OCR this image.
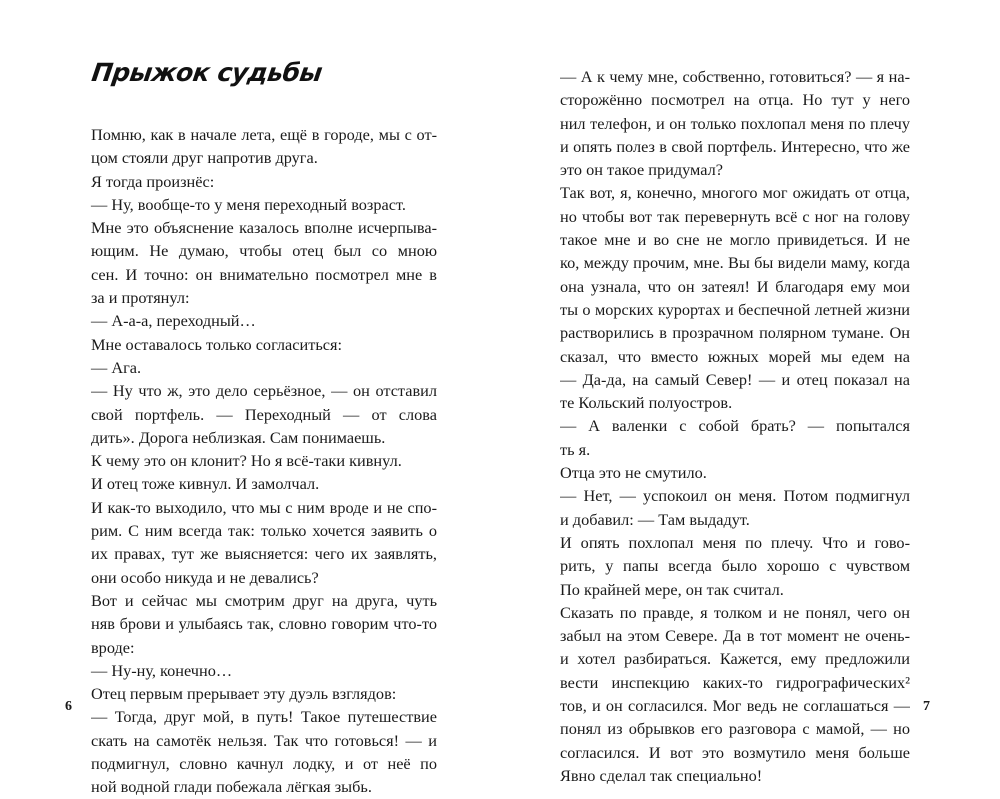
Прыжок судьбы
Помню, как в начале лета, ещё в городе, мы с от-
цом стояли друг напротив друга.
Я тогда произнёс:
— Ну, вообще-то у меня переходный возраст.
Мне это объяснение казалось вполне исчерпыва-
ющим. Не думаю, чтобы отец был со мною
сен. И точно: он внимательно посмотрел мне в
за и протянул:
— А-а-а, переходный…
Мне оставалось только согласиться:
— Ага.
— Ну что ж, это дело серьёзное, — он отставил
свой портфель. — Переходный — от слова
дить». Дорога неблизкая. Сам понимаешь.
К чему это он клонит? Но я всё-таки кивнул.
И отец тоже кивнул. И замолчал.
И как-то выходило, что мы с ним вроде и не спо-
рим. С ним всегда так: только хочется заявить о
их правах, тут же выясняется: чего их заявлять,
они особо никуда и не девались?
Вот и сейчас мы смотрим друг на друга, чуть
няв брови и улыбаясь так, словно говорим что-то
вроде:
— Ну-ну, конечно…
Отец первым прерывает эту дуэль взглядов:
— Тогда, друг мой, в путь! Такое путешествие
скать на самотёк нельзя. Так что готовься! — и
подмигнул, словно качнул лодку, и от неё по
ной водной глади побежала лёгкая зыбь.
6
— А к чему мне, собственно, готовиться? — я на-
сторожённо посмотрел на отца. Но тут у него
нил телефон, и он только похлопал меня по плечу
и опять полез в свой портфель. Интересно, что же
это он такое придумал?
Так вот, я, конечно, многого мог ожидать от отца,
но чтобы вот так перевернуть всё с ног на голову
такое мне и во сне не могло привидеться. И не
ко, между прочим, мне. Вы бы видели маму, когда
она узнала, что он затеял! И благодаря ему мои
ты о морских курортах и беспечной летней жизни
растворились в прозрачном полярном тумане. Он
сказал, что вместо южных морей мы едем на
— Да-да, на самый Север! — и отец показал на
те Кольский полуостров.
— А валенки с собой брать? — попытался
ть я.
Отца это не смутило.
— Нет, — успокоил он меня. Потом подмигнул
и добавил: — Там выдадут.
И опять похлопал меня по плечу. Что и гово-
рить, у папы всегда было хорошо с чувством
По крайней мере, он так считал.
Сказать по правде, я толком и не понял, чего он
забыл на этом Севере. Да в тот момент не очень-
и хотел разбираться. Кажется, ему предложили
вести инспекцию каких-то гидрографических²
тов, и он согласился. Мог ведь не соглашаться —
понял из обрывков его разговора с мамой, — но
согласился. И вот это возмутило меня больше
Явно сделал так специально!
7
